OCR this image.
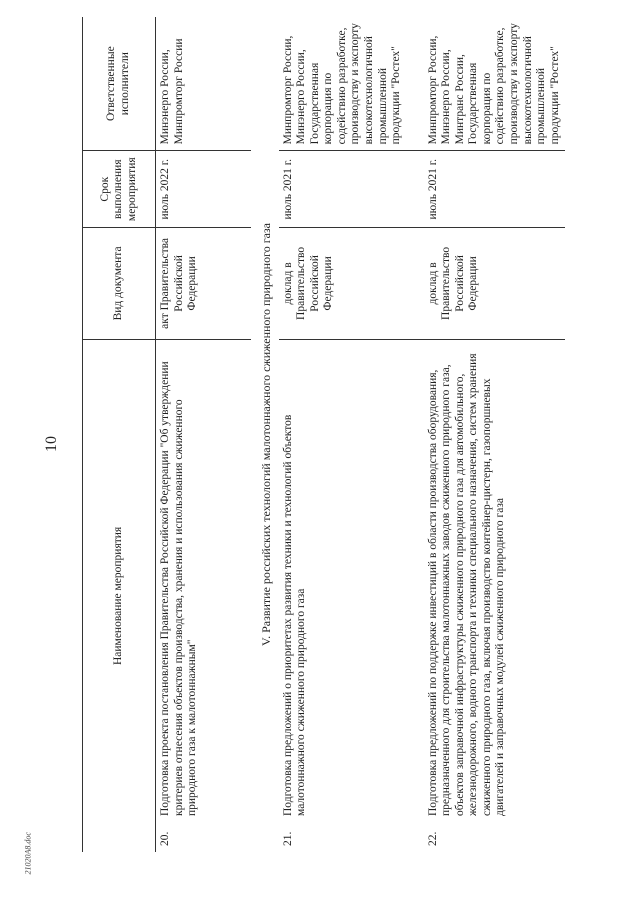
10
21020А8.doc
Наименование мероприятия	Вид документа	Срок выполнения мероприятия	Ответственные исполнители

20.
Подготовка проекта постановления Правительства Российской Федерации "Об утверждении критериев отнесения объектов производства, хранения и использования сжиженного природного газа к малотоннажным"	акт Правительства Российской Федерации	июль 2022 г.	Минэнерго России, Минпромторг России
V. Развитие российских технологий малотоннажного сжиженного природного газа			

21.
Подготовка предложений о приоритетах развития техники и технологий объектов малотоннажного сжиженного природного газа	доклад в Правительство Российской Федерации	июль 2021 г.	Минпромторг России, Минэнерго России, Государственная корпорация по содействию разработке, производству и экспорту высокотехнологичной промышленной продукции "Ростех"

22.
Подготовка предложений по поддержке инвестиций в области производства оборудования, предназначенного для строительства малотоннажных заводов сжиженного природного газа, объектов заправочной инфраструктуры сжиженного природного газа для автомобильного, железнодорожного, водного транспорта и техники специального назначения, систем хранения сжиженного природного газа, включая производство контейнер-цистерн, газопоршневых двигателей и заправочных модулей сжиженного природного газа	доклад в Правительство Российской Федерации	июль 2021 г.	Минпромторг России, Минэнерго России, Минтранс России, Государственная корпорация по содействию разработке, производству и экспорту высокотехнологичной промышленной продукции "Ростех"
